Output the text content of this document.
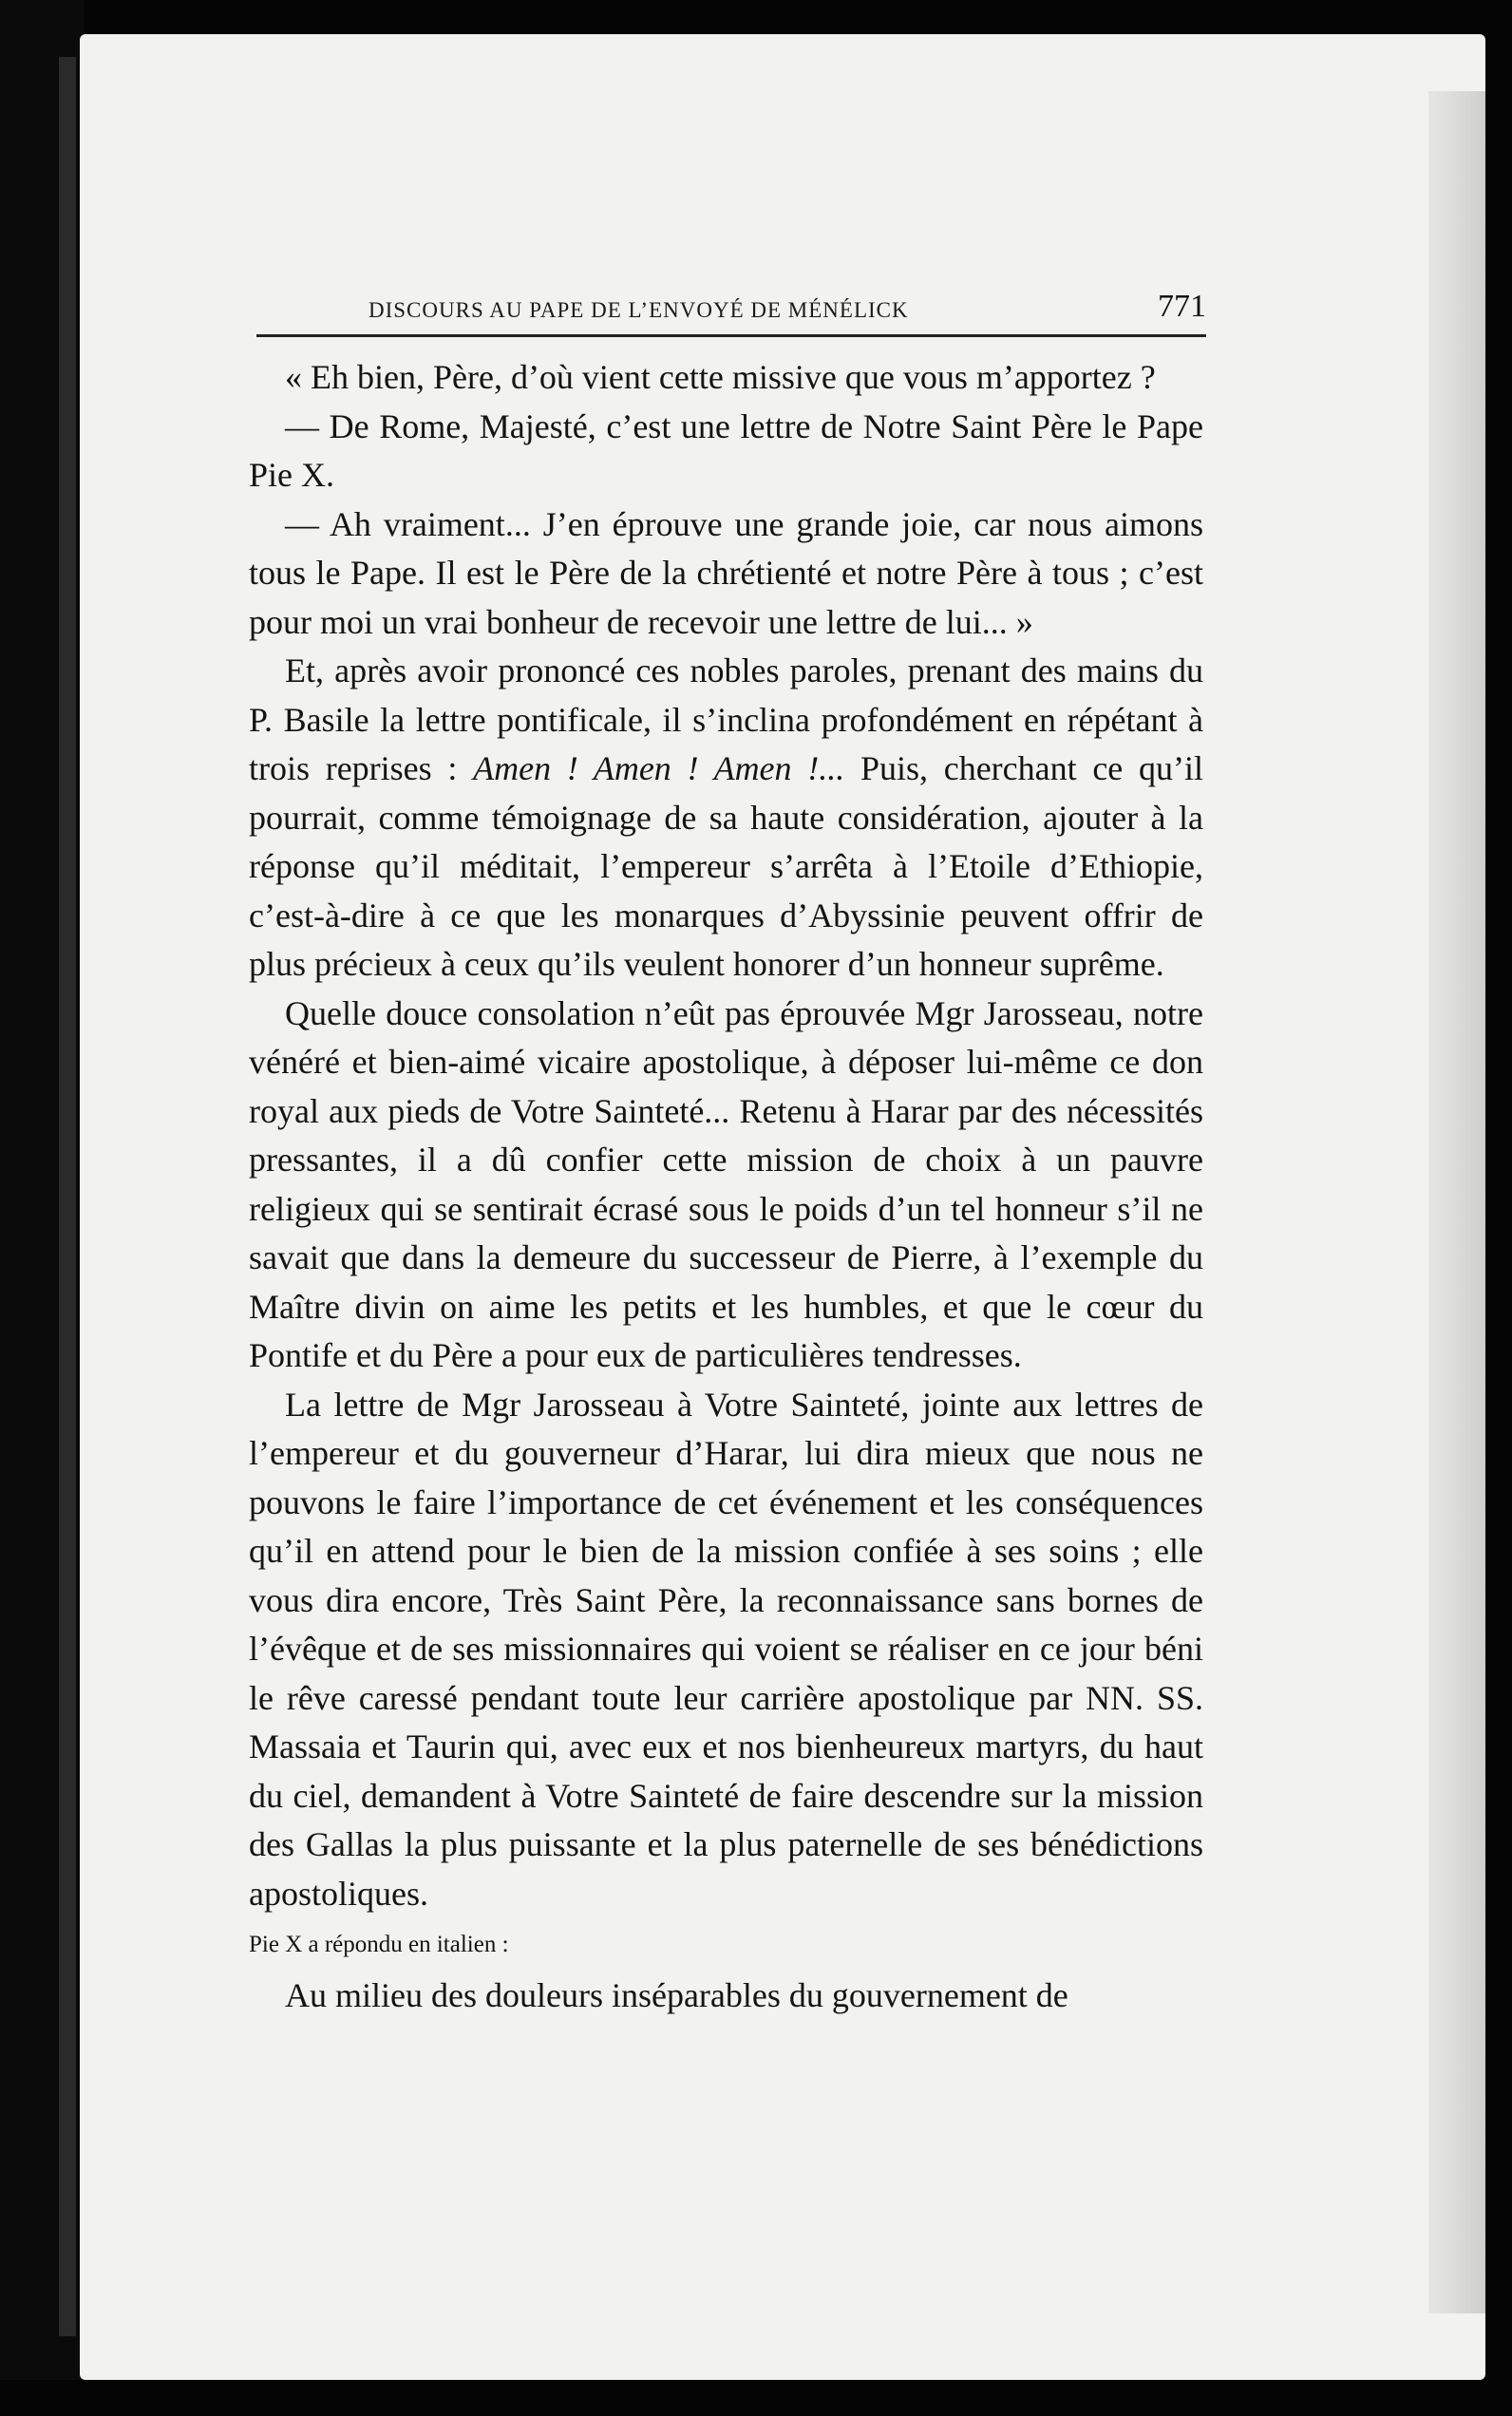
DISCOURS AU PAPE DE L’ENVOYÉ DE MÉNÉLICK	771

« Eh bien, Père, d’où vient cette missive que vous m’apportez ?

— De Rome, Majesté, c’est une lettre de Notre Saint Père le Pape Pie X.

— Ah vraiment... J’en éprouve une grande joie, car nous aimons tous le Pape. Il est le Père de la chrétienté et notre Père à tous ; c’est pour moi un vrai bonheur de recevoir une lettre de lui... »

Et, après avoir prononcé ces nobles paroles, prenant des mains du P. Basile la lettre pontificale, il s’inclina profondément en répétant à trois reprises : Amen ! Amen ! Amen !... Puis, cherchant ce qu’il pourrait, comme témoignage de sa haute considération, ajouter à la réponse qu’il méditait, l’empereur s’arrêta à l’Etoile d’Ethiopie, c’est-à-dire à ce que les monarques d’Abyssinie peuvent offrir de plus précieux à ceux qu’ils veulent honorer d’un honneur suprême.

Quelle douce consolation n’eût pas éprouvée Mgr Jarosseau, notre vénéré et bien-aimé vicaire apostolique, à déposer lui-même ce don royal aux pieds de Votre Sainteté... Retenu à Harar par des nécessités pressantes, il a dû confier cette mission de choix à un pauvre religieux qui se sentirait écrasé sous le poids d’un tel honneur s’il ne savait que dans la demeure du successeur de Pierre, à l’exemple du Maître divin on aime les petits et les humbles, et que le cœur du Pontife et du Père a pour eux de particulières tendresses.

La lettre de Mgr Jarosseau à Votre Sainteté, jointe aux lettres de l’empereur et du gouverneur d’Harar, lui dira mieux que nous ne pouvons le faire l’importance de cet événement et les conséquences qu’il en attend pour le bien de la mission confiée à ses soins ; elle vous dira encore, Très Saint Père, la reconnaissance sans bornes de l’évêque et de ses missionnaires qui voient se réaliser en ce jour béni le rêve caressé pendant toute leur carrière apostolique par NN. SS. Massaia et Taurin qui, avec eux et nos bienheureux martyrs, du haut du ciel, demandent à Votre Sainteté de faire descendre sur la mission des Gallas la plus puissante et la plus paternelle de ses bénédictions apostoliques.

Pie X a répondu en italien :

Au milieu des douleurs inséparables du gouvernement de
